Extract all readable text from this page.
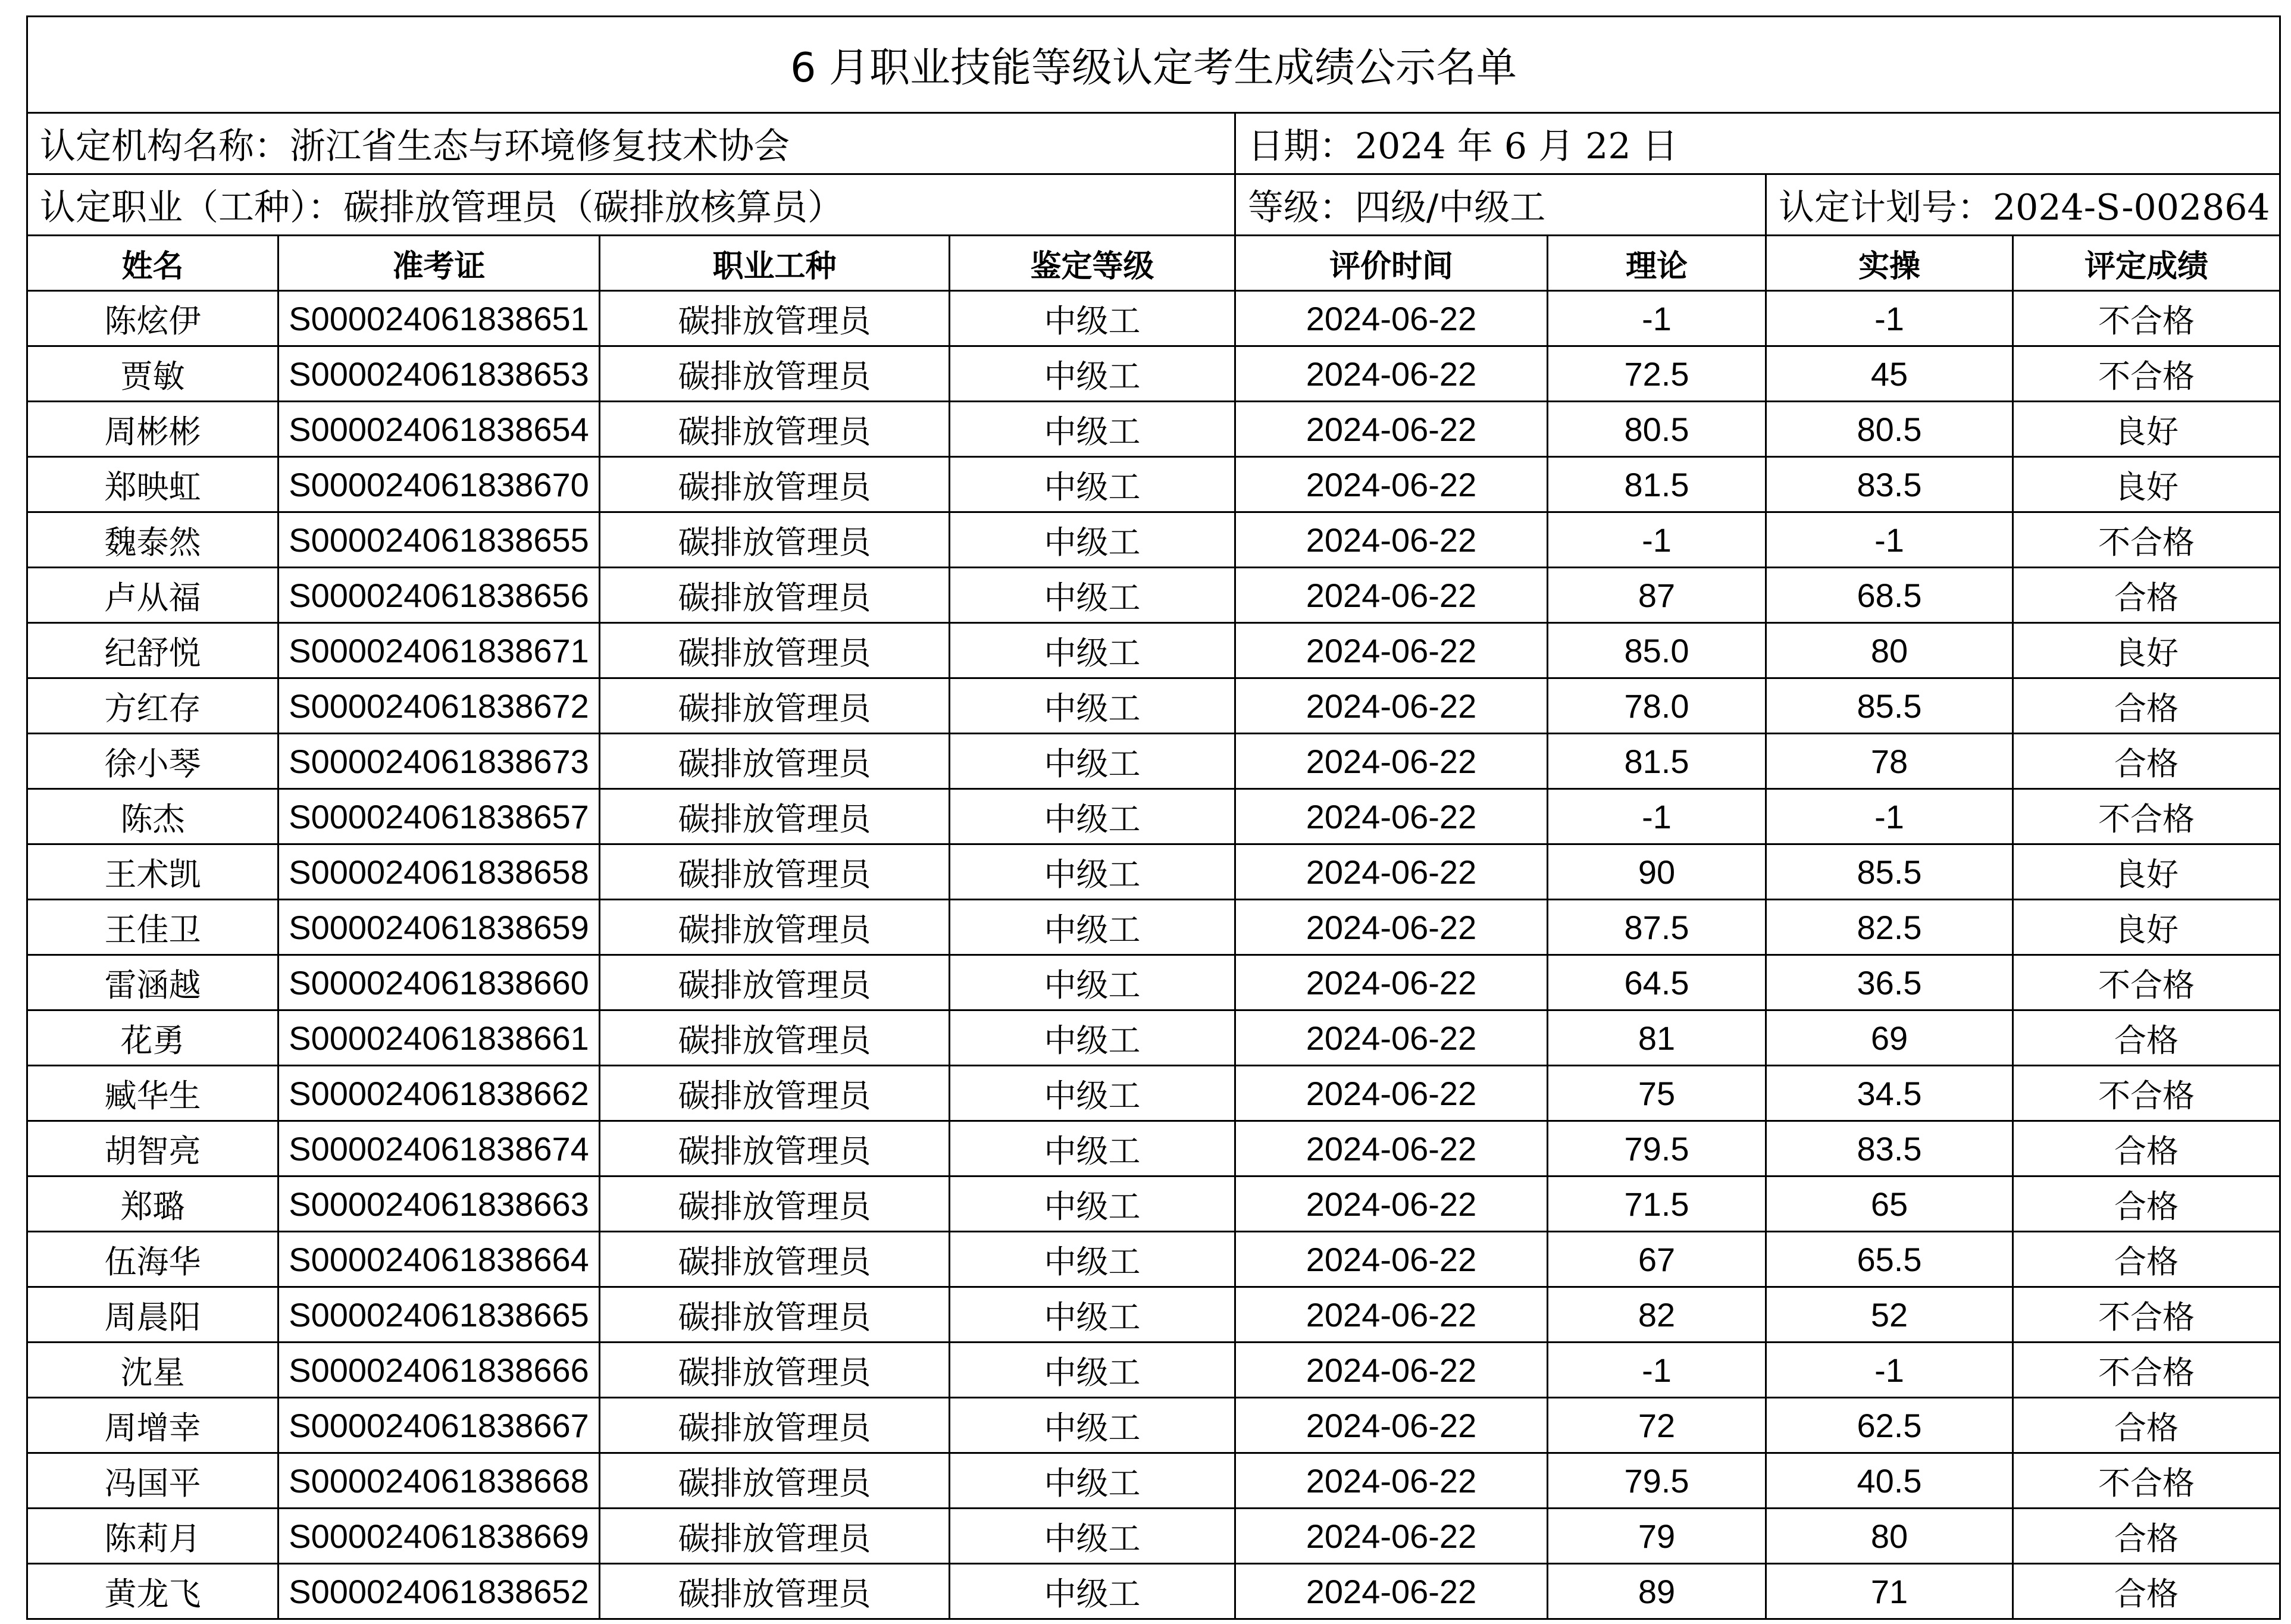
6 月职业技能等级认定考生成绩公示名单							
认定机构名称：浙江省生态与环境修复技术协会				日期：2024 年 6 月 22 日			
认定职业（工种）：碳排放管理员（碳排放核算员）				等级：四级/中级工		认定计划号：2024-S-002864	
姓名	准考证	职业工种	鉴定等级	评价时间	理论	实操	评定成绩
陈炫伊	S000024061838651	碳排放管理员	中级工	2024-06-22	-1	-1	不合格
贾敏	S000024061838653	碳排放管理员	中级工	2024-06-22	72.5	45	不合格
周彬彬	S000024061838654	碳排放管理员	中级工	2024-06-22	80.5	80.5	良好
郑映虹	S000024061838670	碳排放管理员	中级工	2024-06-22	81.5	83.5	良好
魏泰然	S000024061838655	碳排放管理员	中级工	2024-06-22	-1	-1	不合格
卢从福	S000024061838656	碳排放管理员	中级工	2024-06-22	87	68.5	合格
纪舒悦	S000024061838671	碳排放管理员	中级工	2024-06-22	85.0	80	良好
方红存	S000024061838672	碳排放管理员	中级工	2024-06-22	78.0	85.5	合格
徐小琴	S000024061838673	碳排放管理员	中级工	2024-06-22	81.5	78	合格
陈杰	S000024061838657	碳排放管理员	中级工	2024-06-22	-1	-1	不合格
王术凯	S000024061838658	碳排放管理员	中级工	2024-06-22	90	85.5	良好
王佳卫	S000024061838659	碳排放管理员	中级工	2024-06-22	87.5	82.5	良好
雷涵越	S000024061838660	碳排放管理员	中级工	2024-06-22	64.5	36.5	不合格
花勇	S000024061838661	碳排放管理员	中级工	2024-06-22	81	69	合格
臧华生	S000024061838662	碳排放管理员	中级工	2024-06-22	75	34.5	不合格
胡智亮	S000024061838674	碳排放管理员	中级工	2024-06-22	79.5	83.5	合格
郑璐	S000024061838663	碳排放管理员	中级工	2024-06-22	71.5	65	合格
伍海华	S000024061838664	碳排放管理员	中级工	2024-06-22	67	65.5	合格
周晨阳	S000024061838665	碳排放管理员	中级工	2024-06-22	82	52	不合格
沈星	S000024061838666	碳排放管理员	中级工	2024-06-22	-1	-1	不合格
周增幸	S000024061838667	碳排放管理员	中级工	2024-06-22	72	62.5	合格
冯国平	S000024061838668	碳排放管理员	中级工	2024-06-22	79.5	40.5	不合格
陈莉月	S000024061838669	碳排放管理员	中级工	2024-06-22	79	80	合格
黄龙飞	S000024061838652	碳排放管理员	中级工	2024-06-22	89	71	合格
